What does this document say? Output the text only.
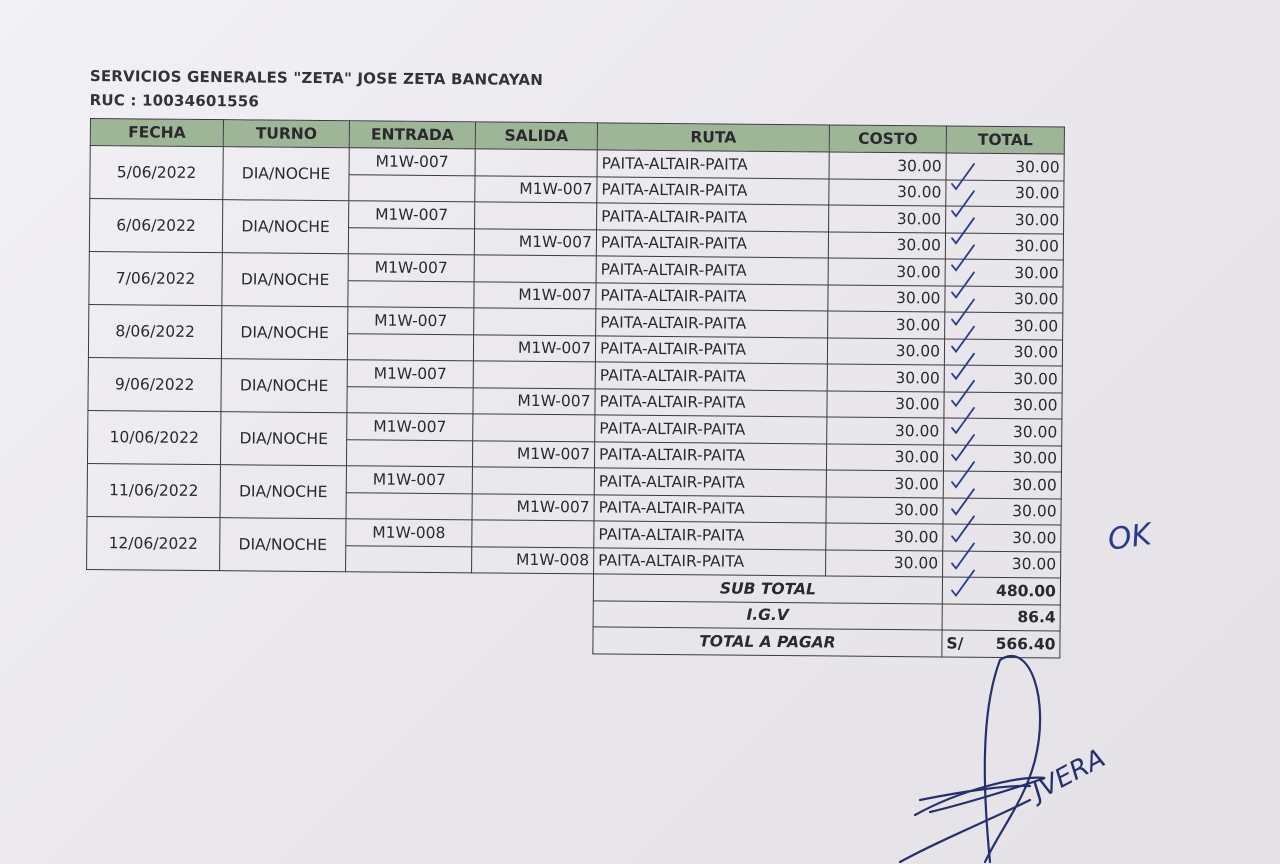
SERVICIOS GENERALES "ZETA" JOSE ZETA BANCAYAN
RUC : 10034601556
FECHA	TURNO	ENTRADA	SALIDA	RUTA	COSTO	TOTAL
5/06/2022	DIA/NOCHE	M1W-007		PAITA-ALTAIR-PAITA	30.00	30.00
			M1W-007	PAITA-ALTAIR-PAITA	30.00	30.00
6/06/2022	DIA/NOCHE	M1W-007		PAITA-ALTAIR-PAITA	30.00	30.00
			M1W-007	PAITA-ALTAIR-PAITA	30.00	30.00
7/06/2022	DIA/NOCHE	M1W-007		PAITA-ALTAIR-PAITA	30.00	30.00
			M1W-007	PAITA-ALTAIR-PAITA	30.00	30.00
8/06/2022	DIA/NOCHE	M1W-007		PAITA-ALTAIR-PAITA	30.00	30.00
			M1W-007	PAITA-ALTAIR-PAITA	30.00	30.00
9/06/2022	DIA/NOCHE	M1W-007		PAITA-ALTAIR-PAITA	30.00	30.00
			M1W-007	PAITA-ALTAIR-PAITA	30.00	30.00
10/06/2022	DIA/NOCHE	M1W-007		PAITA-ALTAIR-PAITA	30.00	30.00
			M1W-007	PAITA-ALTAIR-PAITA	30.00	30.00
11/06/2022	DIA/NOCHE	M1W-007		PAITA-ALTAIR-PAITA	30.00	30.00
			M1W-007	PAITA-ALTAIR-PAITA	30.00	30.00
12/06/2022	DIA/NOCHE	M1W-008		PAITA-ALTAIR-PAITA	30.00	30.00
			M1W-008	PAITA-ALTAIR-PAITA	30.00	30.00
				SUB TOTAL		480.00
				I.G.V		86.4
				TOTAL A PAGAR		S/ 566.40
OK
JVERA
